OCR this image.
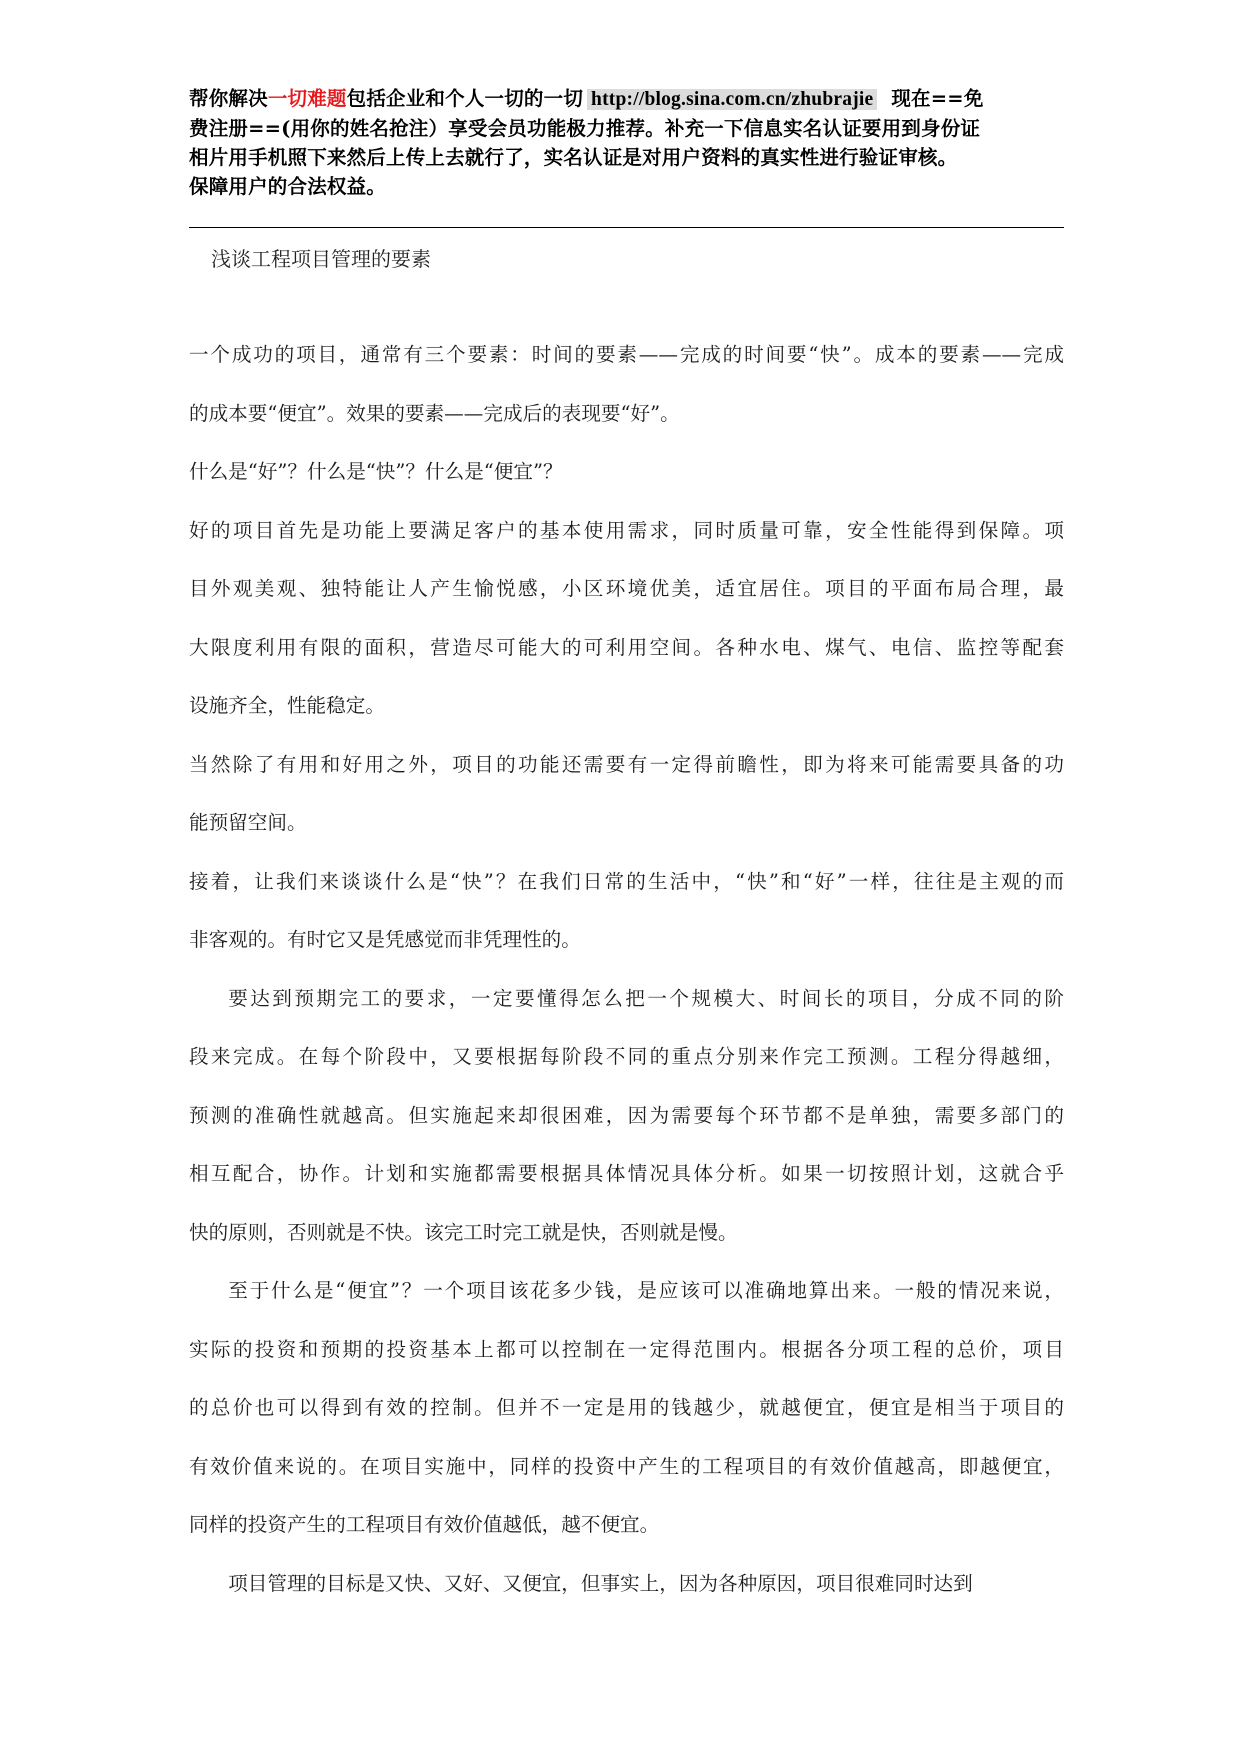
帮你解决一切难题包括企业和个人一切的一切 http://blog.sina.com.cn/zhubrajie 现在==免
费注册==(用你的姓名抢注）享受会员功能极力推荐。补充一下信息实名认证要用到身份证
相片用手机照下来然后上传上去就行了，实名认证是对用户资料的真实性进行验证审核。
保障用户的合法权益。
浅谈工程项目管理的要素

一个成功的项目，通常有三个要素：时间的要素——完成的时间要“快”。成本的要素——完成
的成本要“便宜”。效果的要素——完成后的表现要“好”。

什么是“好”？什么是“快”？什么是“便宜”？

好的项目首先是功能上要满足客户的基本使用需求，同时质量可靠，安全性能得到保障。项
目外观美观、独特能让人产生愉悦感，小区环境优美，适宜居住。项目的平面布局合理，最
大限度利用有限的面积，营造尽可能大的可利用空间。各种水电、煤气、电信、监控等配套
设施齐全，性能稳定。

当然除了有用和好用之外，项目的功能还需要有一定得前瞻性，即为将来可能需要具备的功
能预留空间。

接着，让我们来谈谈什么是“快”？在我们日常的生活中，“快”和“好”一样，往往是主观的而
非客观的。有时它又是凭感觉而非凭理性的。

要达到预期完工的要求，一定要懂得怎么把一个规模大、时间长的项目，分成不同的阶
段来完成。在每个阶段中，又要根据每阶段不同的重点分别来作完工预测。工程分得越细，
预测的准确性就越高。但实施起来却很困难，因为需要每个环节都不是单独，需要多部门的
相互配合，协作。计划和实施都需要根据具体情况具体分析。如果一切按照计划，这就合乎
快的原则，否则就是不快。该完工时完工就是快，否则就是慢。

至于什么是“便宜”？一个项目该花多少钱，是应该可以准确地算出来。一般的情况来说，
实际的投资和预期的投资基本上都可以控制在一定得范围内。根据各分项工程的总价，项目
的总价也可以得到有效的控制。但并不一定是用的钱越少，就越便宜，便宜是相当于项目的
有效价值来说的。在项目实施中，同样的投资中产生的工程项目的有效价值越高，即越便宜，
同样的投资产生的工程项目有效价值越低，越不便宜。

项目管理的目标是又快、又好、又便宜，但事实上，因为各种原因，项目很难同时达到
